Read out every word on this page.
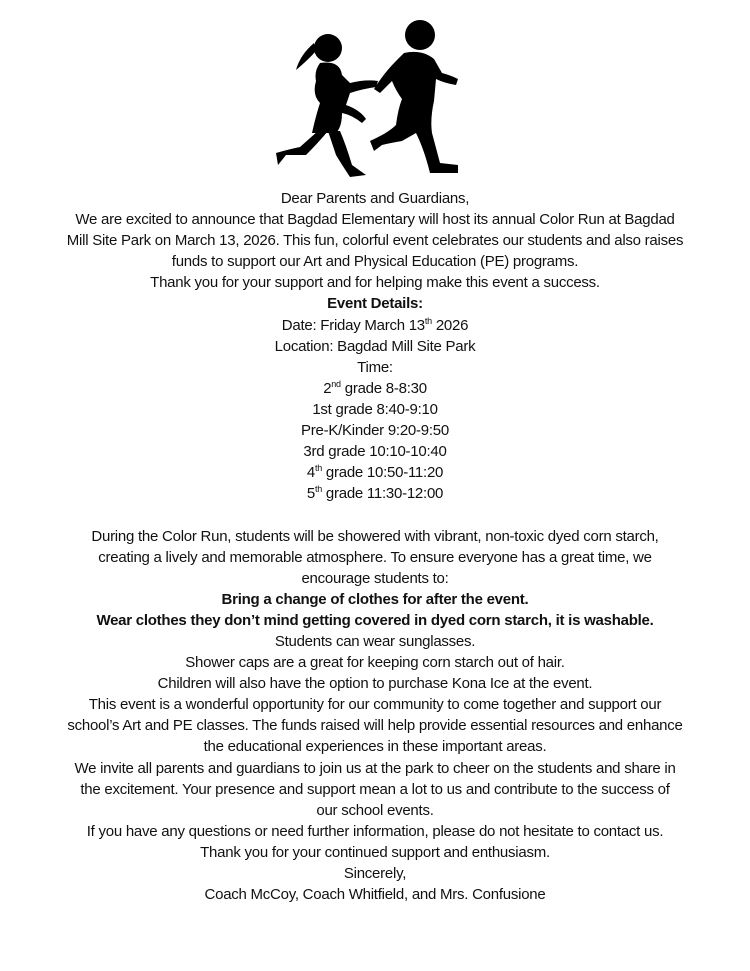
Dear Parents and Guardians,
We are excited to announce that Bagdad Elementary will host its annual Color Run at Bagdad
Mill Site Park on March 13, 2026. This fun, colorful event celebrates our students and also raises
funds to support our Art and Physical Education (PE) programs.
Thank you for your support and for helping make this event a success.
Event Details:
Date: Friday March 13th 2026
Location: Bagdad Mill Site Park
Time:
2nd grade 8-8:30
1st grade 8:40-9:10
Pre-K/Kinder 9:20-9:50
3rd grade 10:10-10:40
4th grade 10:50-11:20
5th grade 11:30-12:00
During the Color Run, students will be showered with vibrant, non-toxic dyed corn starch,
creating a lively and memorable atmosphere. To ensure everyone has a great time, we
encourage students to:
Bring a change of clothes for after the event.
Wear clothes they don’t mind getting covered in dyed corn starch, it is washable.
Students can wear sunglasses.
Shower caps are a great for keeping corn starch out of hair.
Children will also have the option to purchase Kona Ice at the event.
This event is a wonderful opportunity for our community to come together and support our
school’s Art and PE classes. The funds raised will help provide essential resources and enhance
the educational experiences in these important areas.
We invite all parents and guardians to join us at the park to cheer on the students and share in
the excitement. Your presence and support mean a lot to us and contribute to the success of
our school events.
If you have any questions or need further information, please do not hesitate to contact us.
Thank you for your continued support and enthusiasm.
Sincerely,
Coach McCoy, Coach Whitfield, and Mrs. Confusione
